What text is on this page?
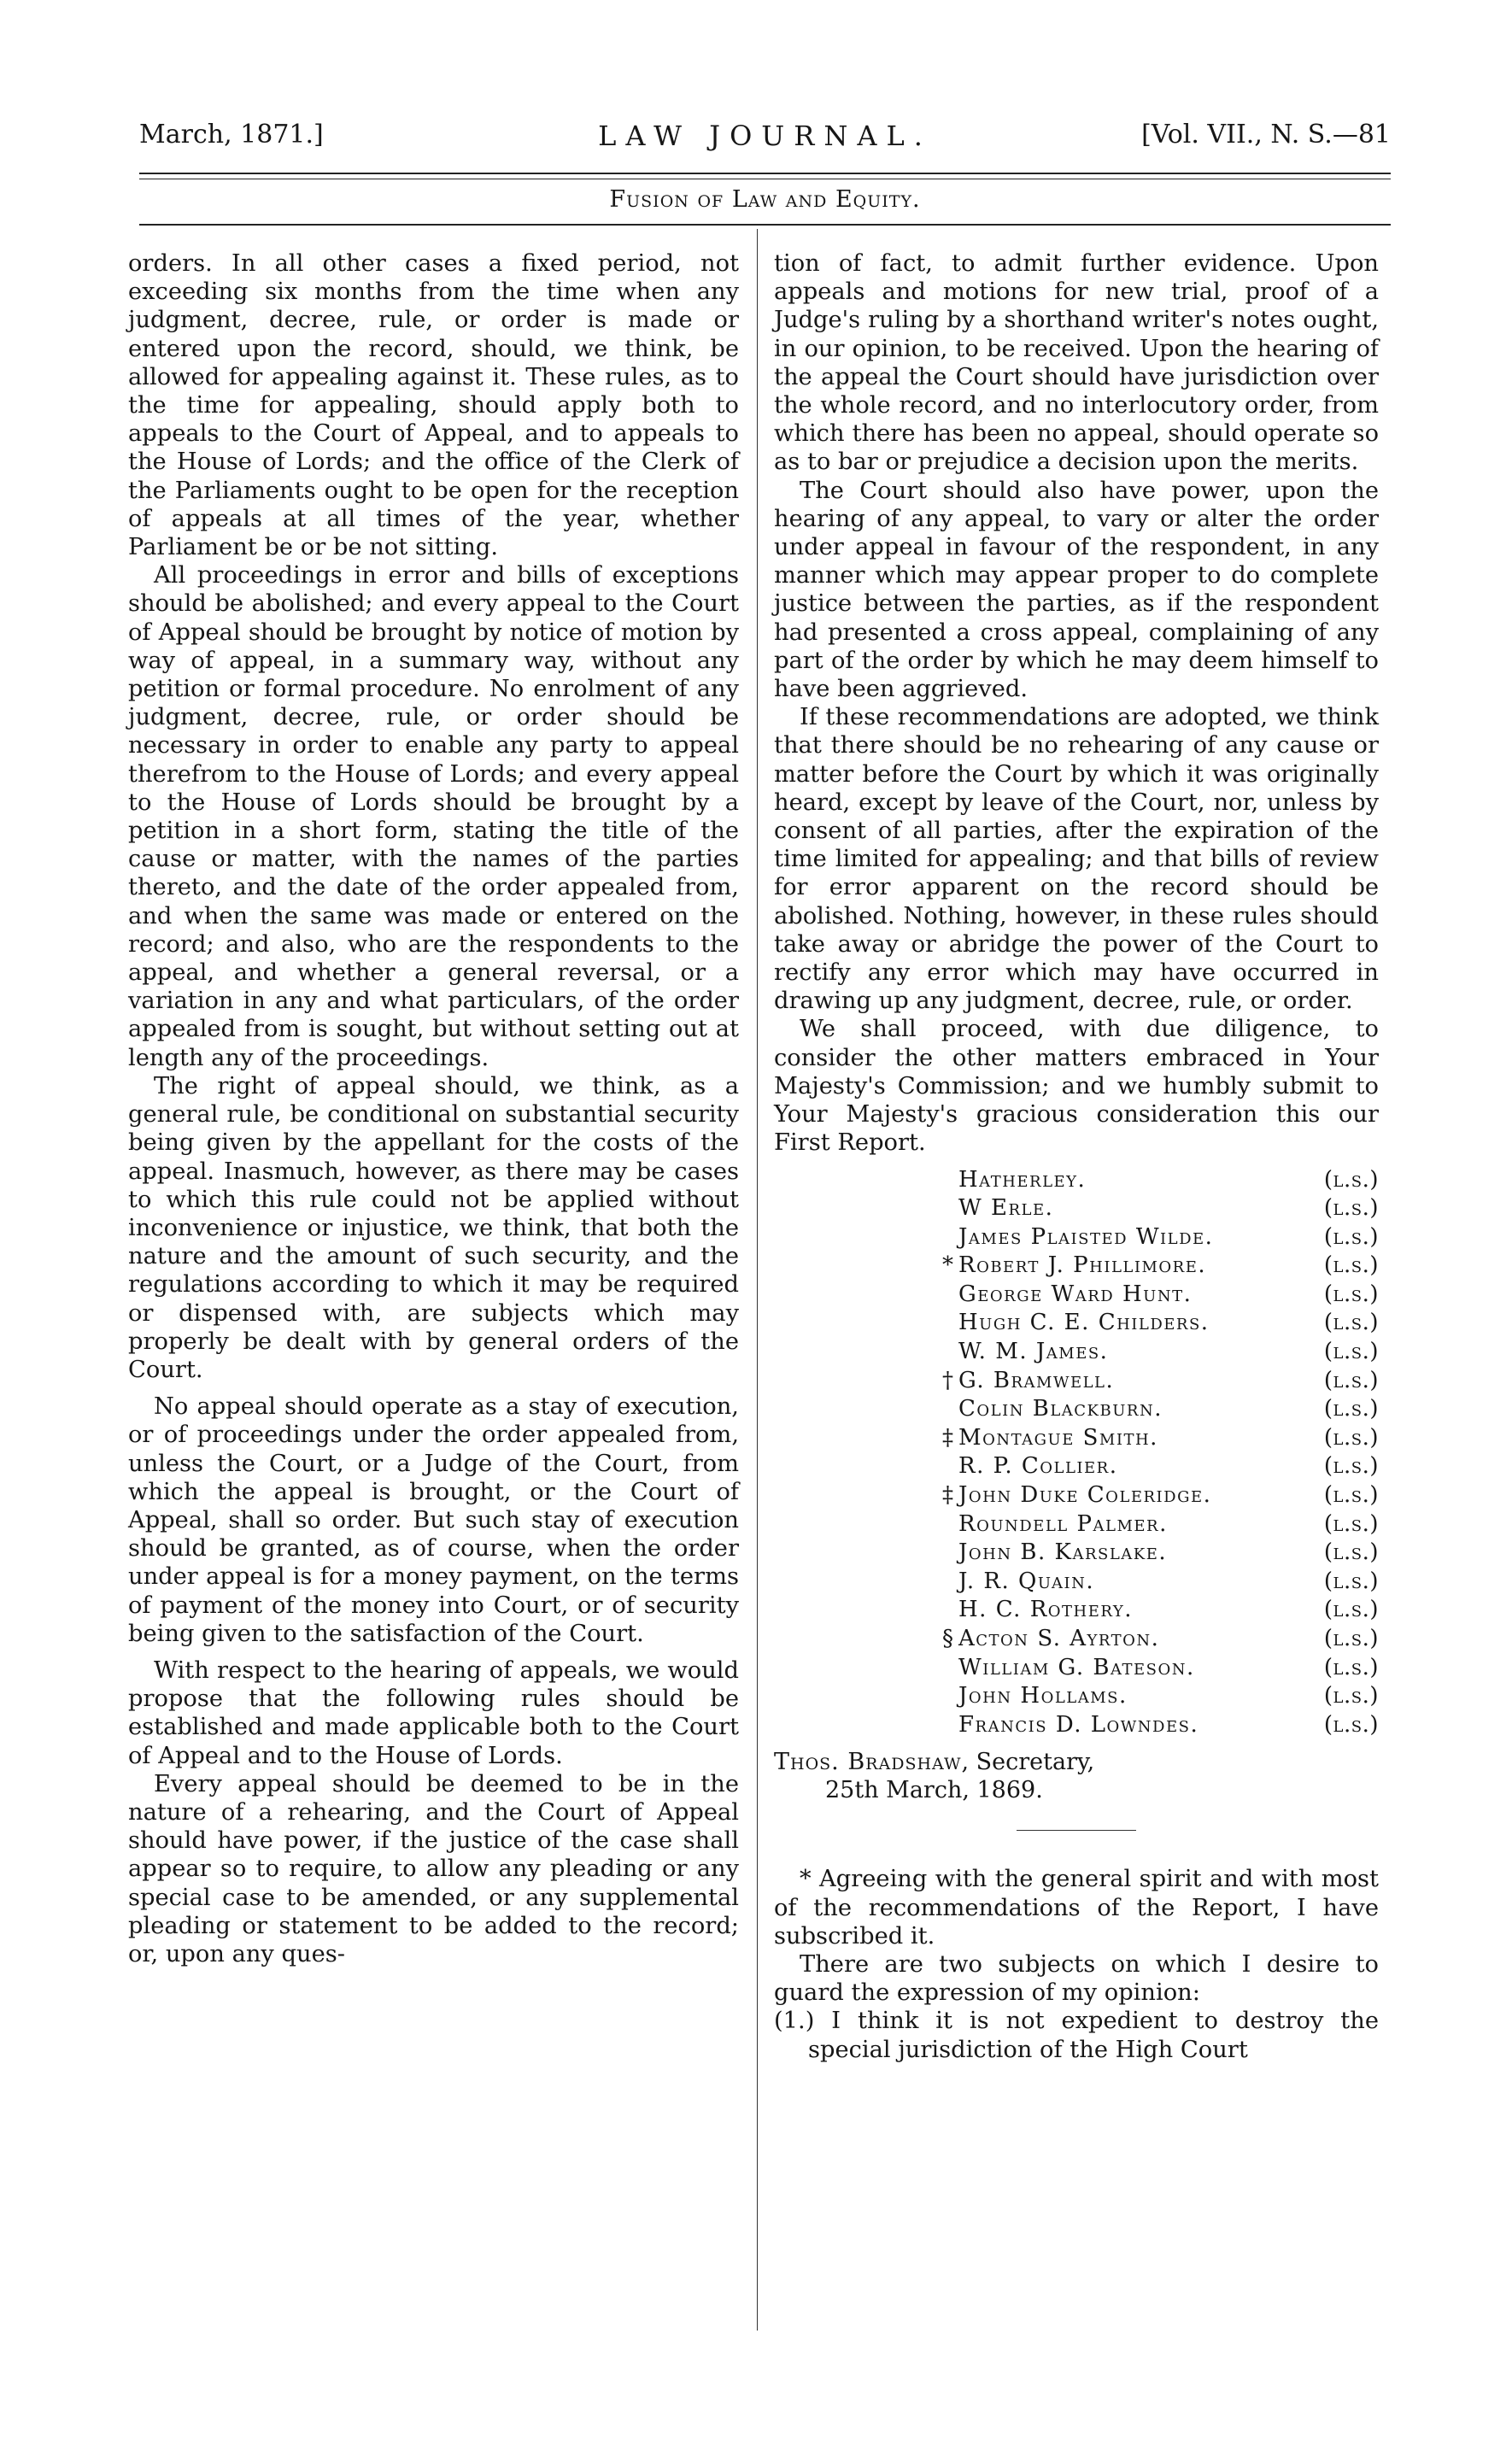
March, 1871.]	LAW JOURNAL.	[Vol. VII., N. S.—81
Fusion of Law and Equity.

orders. In all other cases a fixed period, not exceeding six months from the time when any judgment, decree, rule, or order is made or entered upon the record, should, we think, be allowed for appealing against it. These rules, as to the time for appealing, should apply both to appeals to the Court of Appeal, and to appeals to the House of Lords; and the office of the Clerk of the Parliaments ought to be open for the reception of appeals at all times of the year, whether Parliament be or be not sitting.

All proceedings in error and bills of exceptions should be abolished; and every appeal to the Court of Appeal should be brought by notice of motion by way of appeal, in a summary way, without any petition or formal procedure. No enrolment of any judgment, decree, rule, or order should be necessary in order to enable any party to appeal therefrom to the House of Lords; and every appeal to the House of Lords should be brought by a petition in a short form, stating the title of the cause or matter, with the names of the parties thereto, and the date of the order appealed from, and when the same was made or entered on the record; and also, who are the respondents to the appeal, and whether a general reversal, or a variation in any and what particulars, of the order appealed from is sought, but without setting out at length any of the proceedings.

The right of appeal should, we think, as a general rule, be conditional on substantial security being given by the appellant for the costs of the appeal. Inasmuch, however, as there may be cases to which this rule could not be applied without inconvenience or injustice, we think, that both the nature and the amount of such security, and the regulations according to which it may be required or dispensed with, are subjects which may properly be dealt with by general orders of the Court.

No appeal should operate as a stay of execution, or of proceedings under the order appealed from, unless the Court, or a Judge of the Court, from which the appeal is brought, or the Court of Appeal, shall so order. But such stay of execution should be granted, as of course, when the order under appeal is for a money payment, on the terms of payment of the money into Court, or of security being given to the satisfaction of the Court.

With respect to the hearing of appeals, we would propose that the following rules should be established and made applicable both to the Court of Appeal and to the House of Lords.

Every appeal should be deemed to be in the nature of a rehearing, and the Court of Appeal should have power, if the justice of the case shall appear so to require, to allow any pleading or any special case to be amended, or any supplemental pleading or statement to be added to the record; or, upon any ques-

tion of fact, to admit further evidence. Upon appeals and motions for new trial, proof of a Judge's ruling by a shorthand writer's notes ought, in our opinion, to be received. Upon the hearing of the appeal the Court should have jurisdiction over the whole record, and no interlocutory order, from which there has been no appeal, should operate so as to bar or prejudice a decision upon the merits.

The Court should also have power, upon the hearing of any appeal, to vary or alter the order under appeal in favour of the respondent, in any manner which may appear proper to do complete justice between the parties, as if the respondent had presented a cross appeal, complaining of any part of the order by which he may deem himself to have been aggrieved.

If these recommendations are adopted, we think that there should be no rehearing of any cause or matter before the Court by which it was originally heard, except by leave of the Court, nor, unless by consent of all parties, after the expiration of the time limited for appealing; and that bills of review for error apparent on the record should be abolished. Nothing, however, in these rules should take away or abridge the power of the Court to rectify any error which may have occurred in drawing up any judgment, decree, rule, or order.

We shall proceed, with due diligence, to consider the other matters embraced in Your Majesty's Commission; and we humbly submit to Your Majesty's gracious consideration this our First Report.

	Hatherley.	(l.s.)
	W Erle.	(l.s.)
	James Plaisted Wilde.	(l.s.)
*	Robert J. Phillimore.	(l.s.)
	George Ward Hunt.	(l.s.)
	Hugh C. E. Childers.	(l.s.)
	W. M. James.	(l.s.)
†	G. Bramwell.	(l.s.)
	Colin Blackburn.	(l.s.)
‡	Montague Smith.	(l.s.)
	R. P. Collier.	(l.s.)
‡	John Duke Coleridge.	(l.s.)
	Roundell Palmer.	(l.s.)
	John B. Karslake.	(l.s.)
	J. R. Quain.	(l.s.)
	H. C. Rothery.	(l.s.)
§	Acton S. Ayrton.	(l.s.)
	William G. Bateson.	(l.s.)
	John Hollams.	(l.s.)
	Francis D. Lowndes.	(l.s.)
Thos. Bradshaw, Secretary,
25th March, 1869.

* Agreeing with the general spirit and with most of the recommendations of the Report, I have subscribed it.

There are two subjects on which I desire to guard the expression of my opinion:

(1.) I think it is not expedient to destroy the special jurisdiction of the High Court
